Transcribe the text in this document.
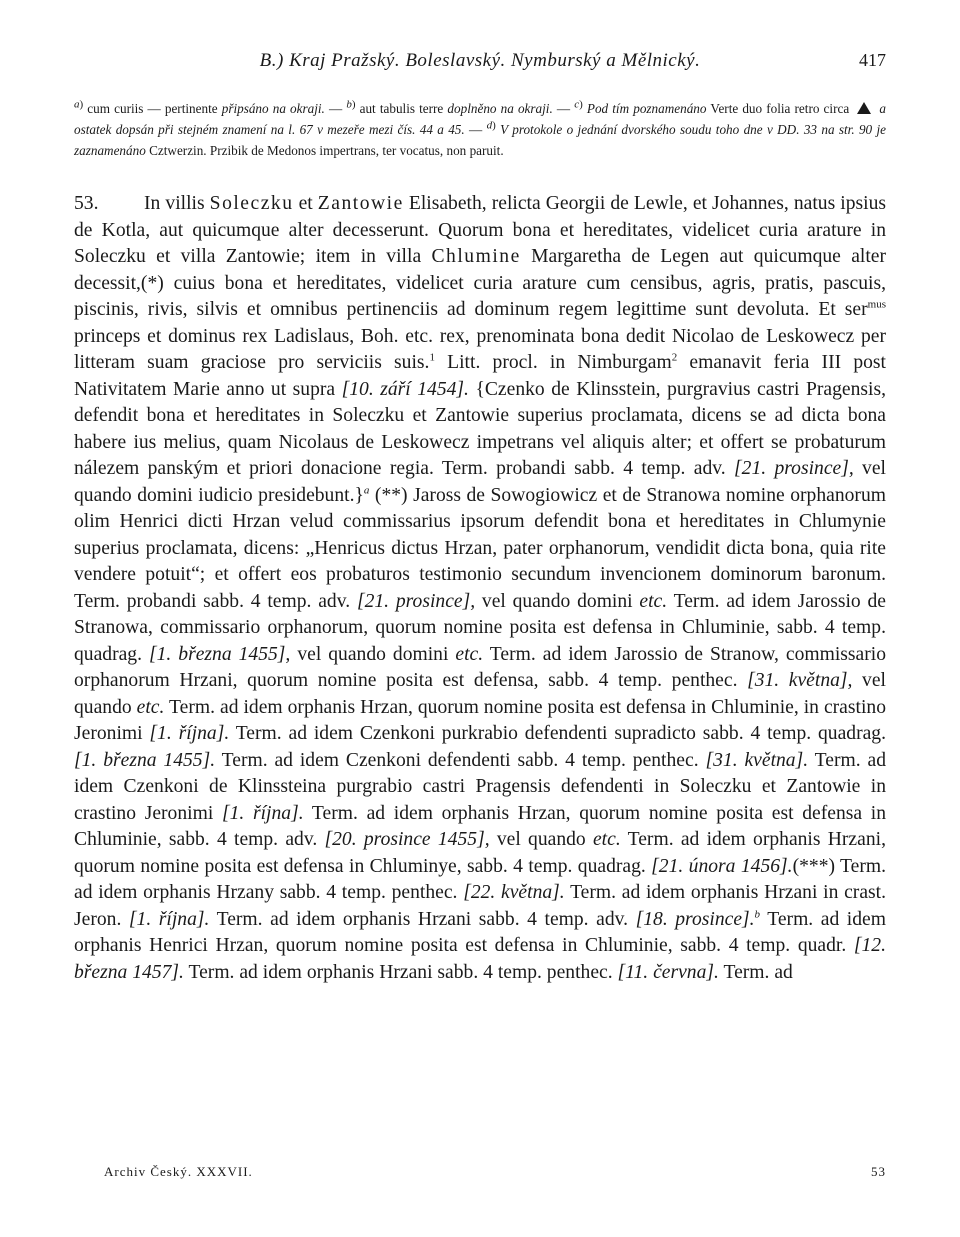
B.) Kraj Pražský. Boleslavský. Nymburský a Mělnický.	417

$^{a)}$ cum curiis — pertinente připsáno na okraji. — $^{b)}$ aut tabulis terre doplněno na okraji. — $^{c)}$ Pod tím poznamenáno Verte duo folia retro circa  a ostatek dopsán při stejném znamení na l. 67 v mezeře mezi čís. 44 a 45. — $^{d)}$ V protokole o jednání dvorského soudu toho dne v DD. 33 na str. 90 je zaznamenáno Cztwerzin. Przibik de Medonos impertrans, ter vocatus, non paruit.

53. In villis Soleczku et Zantowie Elisabeth, relicta Georgii de Lewle, et Johannes, natus ipsius de Kotla, aut quicumque alter decesserunt. Quorum bona et hereditates, videlicet curia arature in Soleczku et villa Zantowie; item in villa Chlumine Margaretha de Legen aut quicumque alter decessit,(*) cuius bona et hereditates, videlicet curia arature cum censibus, agris, pratis, pascuis, piscinis, rivis, silvis et omnibus pertinenciis ad dominum regem legittime sunt devoluta. Et ser$^{mus}$ princeps et dominus rex Ladislaus, Boh. etc. rex, prenominata bona dedit Nicolao de Leskowecz per litteram suam graciose pro serviciis suis.$^1$ Litt. procl. in Nimburgam$^2$ emanavit feria III post Nativitatem Marie anno ut supra [10. září 1454]. {Czenko de Klinsstein, purgravius castri Pragensis, defendit bona et hereditates in Soleczku et Zantowie superius proclamata, dicens se ad dicta bona habere ius melius, quam Nicolaus de Leskowecz impetrans vel aliquis alter; et offert se probaturum nálezem panským et priori donacione regia. Term. probandi sabb. 4 temp. adv. [21. prosince], vel quando domini iudicio presidebunt.}$^a$ (**) Jaross de Sowogiowicz et de Stranowa nomine orphanorum olim Henrici dicti Hrzan velud commissarius ipsorum defendit bona et hereditates in Chlumynie superius proclamata, dicens: „Henricus dictus Hrzan, pater orphanorum, vendidit dicta bona, quia rite vendere potuit“; et offert eos probaturos testimonio secundum invencionem dominorum baronum. Term. probandi sabb. 4 temp. adv. [21. prosince], vel quando domini etc. Term. ad idem Jarossio de Stranowa, commissario orphanorum, quorum nomine posita est defensa in Chluminie, sabb. 4 temp. quadrag. [1. března 1455], vel quando domini etc. Term. ad idem Jarossio de Stranow, commissario orphanorum Hrzani, quorum nomine posita est defensa, sabb. 4 temp. penthec. [31. května], vel quando etc. Term. ad idem orphanis Hrzan, quorum nomine posita est defensa in Chluminie, in crastino Jeronimi [1. října]. Term. ad idem Czenkoni purkrabio defendenti supradicto sabb. 4 temp. quadrag. [1. března 1455]. Term. ad idem Czenkoni defendenti sabb. 4 temp. penthec. [31. května]. Term. ad idem Czenkoni de Klinssteina purgrabio castri Pragensis defendenti in Soleczku et Zantowie in crastino Jeronimi [1. října]. Term. ad idem orphanis Hrzan, quorum nomine posita est defensa in Chluminie, sabb. 4 temp. adv. [20. prosince 1455], vel quando etc. Term. ad idem orphanis Hrzani, quorum nomine posita est defensa in Chluminye, sabb. 4 temp. quadrag. [21. února 1456].(***) Term. ad idem orphanis Hrzany sabb. 4 temp. penthec. [22. května]. Term. ad idem orphanis Hrzani in crast. Jeron. [1. října]. Term. ad idem orphanis Hrzani sabb. 4 temp. adv. [18. prosince].$^b$ Term. ad idem orphanis Henrici Hrzan, quorum nomine posita est defensa in Chluminie, sabb. 4 temp. quadr. [12. března 1457]. Term. ad idem orphanis Hrzani sabb. 4 temp. penthec. [11. června]. Term. ad

Archiv Český. XXXVII.	53
